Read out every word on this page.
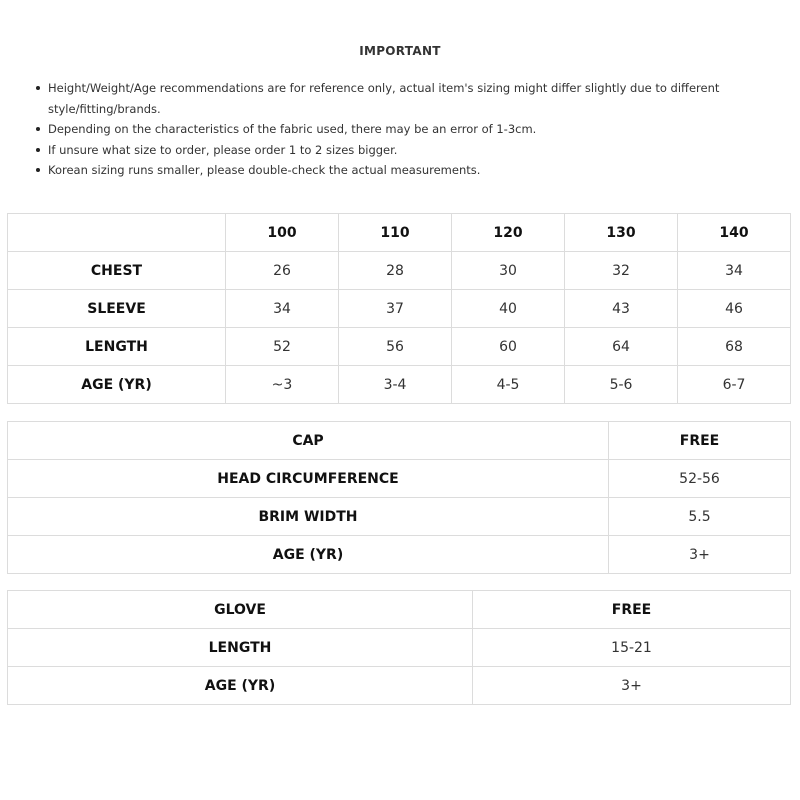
IMPORTANT
Height/Weight/Age recommendations are for reference only, actual item's sizing might differ slightly due to different
style/fitting/brands.
Depending on the characteristics of the fabric used, there may be an error of 1-3cm.
If unsure what size to order, please order 1 to 2 sizes bigger.
Korean sizing runs smaller, please double-check the actual measurements.
	100	110	120	130	140
CHEST	26	28	30	32	34
SLEEVE	34	37	40	43	46
LENGTH	52	56	60	64	68
AGE (YR)	~3	3-4	4-5	5-6	6-7
CAP	FREE
HEAD CIRCUMFERENCE	52-56
BRIM WIDTH	5.5
AGE (YR)	3+
GLOVE	FREE
LENGTH	15-21
AGE (YR)	3+
